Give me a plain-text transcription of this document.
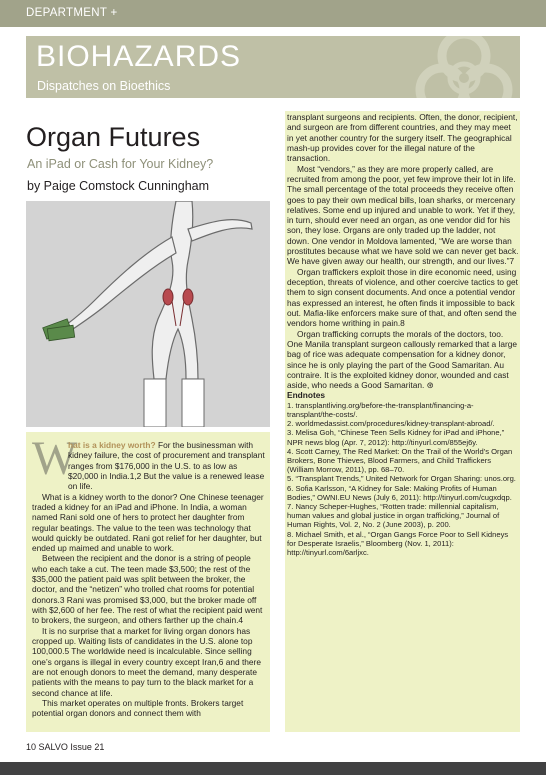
DEPARTMENT +
BIOHAZARDS
Dispatches on Bioethics
Organ Futures
An iPad or Cash for Your Kidney?
by Paige Comstock Cunningham
W

hat is a kidney worth? For the businessman with kidney failure, the cost of procurement and transplant ranges from $176,000 in the U.S. to as low as $20,000 in India.1,2 But the value is a renewed lease on life.

What is a kidney worth to the donor? One Chinese teenager traded a kidney for an iPad and iPhone. In India, a woman named Rani sold one of hers to protect her daughter from regular beatings. The value to the teen was technology that would quickly be outdated. Rani got relief for her daughter, but ended up maimed and unable to work.

Between the recipient and the donor is a string of people who each take a cut. The teen made $3,500; the rest of the $35,000 the patient paid was split between the broker, the doctor, and the “netizen” who trolled chat rooms for potential donors.3 Rani was promised $3,000, but the broker made off with $2,600 of her fee. The rest of what the recipient paid went to brokers, the surgeon, and others farther up the chain.4

It is no surprise that a market for living organ donors has cropped up. Waiting lists of candidates in the U.S. alone top 100,000.5 The worldwide need is incalculable. Since selling one’s organs is illegal in every country except Iran,6 and there are not enough donors to meet the demand, many desperate patients with the means to pay turn to the black market for a second chance at life.

This market operates on multiple fronts. Brokers target potential organ donors and connect them with

transplant surgeons and recipients. Often, the donor, recipient, and surgeon are from different countries, and they may meet in yet another country for the surgery itself. The geographical mash-up provides cover for the illegal nature of the transaction.

Most “vendors,” as they are more properly called, are recruited from among the poor, yet few improve their lot in life. The small percentage of the total proceeds they receive often goes to pay their own medical bills, loan sharks, or mercenary relatives. Some end up injured and unable to work. Yet if they, in turn, should ever need an organ, as one vendor did for his son, they lose. Organs are only traded up the ladder, not down. One vendor in Moldova lamented, “We are worse than prostitutes because what we have sold we can never get back. We have given away our health, our strength, and our lives.”7

Organ traffickers exploit those in dire economic need, using deception, threats of violence, and other coercive tactics to get them to sign consent documents. And once a potential vendor has expressed an interest, he often finds it impossible to back out. Mafia-like enforcers make sure of that, and often send the vendors home writhing in pain.8

Organ trafficking corrupts the morals of the doctors, too. One Manila transplant surgeon callously remarked that a large bag of rice was adequate compensation for a kidney donor, since he is only playing the part of the Good Samaritan. Au contraire. It is the exploited kidney donor, wounded and cast aside, who needs a Good Samaritan. ⊛

Endnotes

1. transplantliving.org/before-the-transplant/financing-a-transplant/the-costs/.

2. worldmedassist.com/procedures/kidney-transplant-abroad/.

3. Melisa Goh, “Chinese Teen Sells Kidney for iPad and iPhone,” NPR news blog (Apr. 7, 2012): http://tinyurl.com/855ej6y.

4. Scott Carney, The Red Market: On the Trail of the World’s Organ Brokers, Bone Thieves, Blood Farmers, and Child Traffickers (William Morrow, 2011), pp. 68–70.

5. “Transplant Trends,” United Network for Organ Sharing: unos.org.

6. Sofia Karlsson, “A Kidney for Sale: Making Profits of Human Bodies,” OWNI.EU News (July 6, 2011): http://tinyurl.com/cugxdqp.

7. Nancy Scheper-Hughes, “Rotten trade: millennial capitalism, human values and global justice in organ trafficking,” Journal of Human Rights, Vol. 2, No. 2 (June 2003), p. 200.

8. Michael Smith, et al., “Organ Gangs Force Poor to Sell Kidneys for Desperate Israelis,” Bloomberg (Nov. 1, 2011): http://tinyurl.com/6arljxc.

10 SALVO Issue 21
